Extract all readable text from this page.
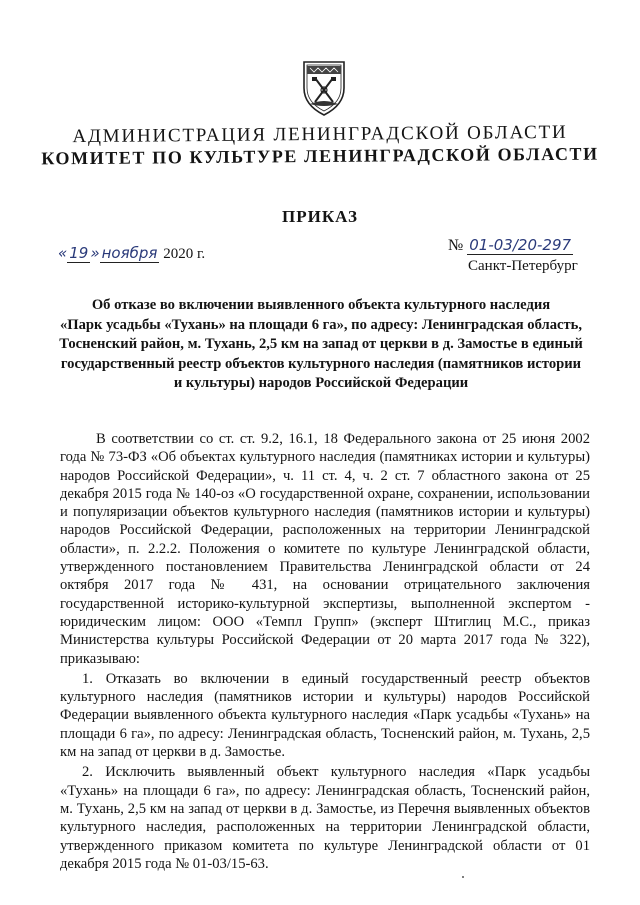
АДМИНИСТРАЦИЯ ЛЕНИНГРАДСКОЙ ОБЛАСТИ
КОМИТЕТ ПО КУЛЬТУРЕ ЛЕНИНГРАДСКОЙ ОБЛАСТИ
ПРИКАЗ
« 19 » ноября 2020 г.	№ 01-03/20-297
Санкт-Петербург
Об отказе во включении выявленного объекта культурного наследия
«Парк усадьбы «Тухань» на площади 6 га», по адресу: Ленинградская область,
Тосненский район, м. Тухань, 2,5 км на запад от церкви в д. Замостье в единый
государственный реестр объектов культурного наследия (памятников истории
и культуры) народов Российской Федерации

В соответствии со ст. ст. 9.2, 16.1, 18 Федерального закона от 25 июня 2002 года № 73-ФЗ «Об объектах культурного наследия (памятниках истории и культуры) народов Российской Федерации», ч. 11 ст. 4, ч. 2 ст. 7 областного закона от 25 декабря 2015 года № 140-оз «О государственной охране, сохранении, использовании и популяризации объектов культурного наследия (памятников истории и культуры) народов Российской Федерации, расположенных на территории Ленинградской области», п. 2.2.2. Положения о комитете по культуре Ленинградской области, утвержденного постановлением Правительства Ленинградской области от 24 октября 2017 года № 431, на основании отрицательного заключения государственной историко-культурной экспертизы, выполненной экспертом - юридическим лицом: ООО «Темпл Групп» (эксперт Штиглиц М.С., приказ Министерства культуры Российской Федерации от 20 марта 2017 года № 322), приказываю:

1. Отказать во включении в единый государственный реестр объектов культурного наследия (памятников истории и культуры) народов Российской Федерации выявленного объекта культурного наследия «Парк усадьбы «Тухань» на площади 6 га», по адресу: Ленинградская область, Тосненский район, м. Тухань, 2,5 км на запад от церкви в д. Замостье.

2. Исключить выявленный объект культурного наследия «Парк усадьбы «Тухань» на площади 6 га», по адресу: Ленинградская область, Тосненский район, м. Тухань, 2,5 км на запад от церкви в д. Замостье, из Перечня выявленных объектов культурного наследия, расположенных на территории Ленинградской области, утвержденного приказом комитета по культуре Ленинградской области от 01 декабря 2015 года № 01-03/15-63.
